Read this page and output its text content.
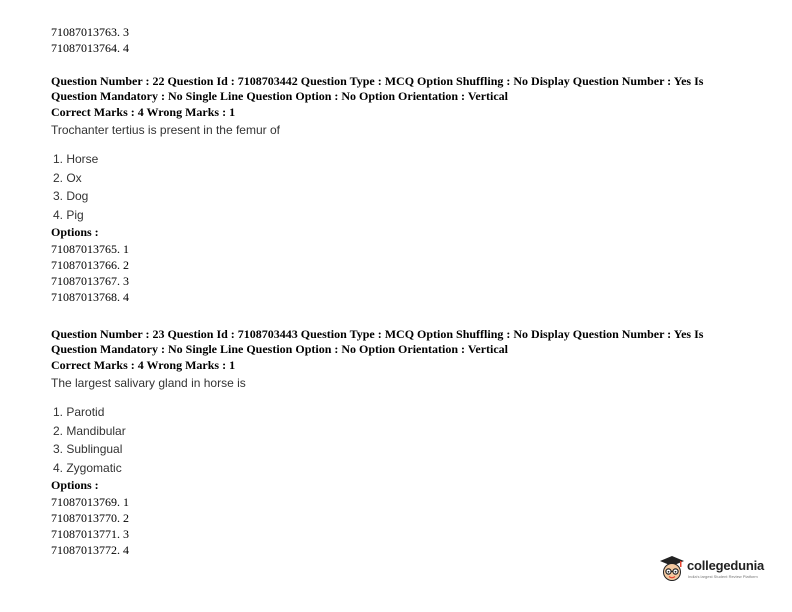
71087013763. 3
71087013764. 4
Question Number : 22 Question Id : 7108703442 Question Type : MCQ Option Shuffling : No Display Question Number : Yes Is
Question Mandatory : No Single Line Question Option : No Option Orientation : Vertical
Correct Marks : 4 Wrong Marks : 1
Trochanter tertius is present in the femur of
1. Horse
2. Ox
3. Dog
4. Pig
Options :
71087013765. 1
71087013766. 2
71087013767. 3
71087013768. 4
Question Number : 23 Question Id : 7108703443 Question Type : MCQ Option Shuffling : No Display Question Number : Yes Is
Question Mandatory : No Single Line Question Option : No Option Orientation : Vertical
Correct Marks : 4 Wrong Marks : 1
The largest salivary gland in horse is
1. Parotid
2. Mandibular
3. Sublingual
4. Zygomatic
Options :
71087013769. 1
71087013770. 2
71087013771. 3
71087013772. 4
collegedunia
India's largest Student Review Platform
